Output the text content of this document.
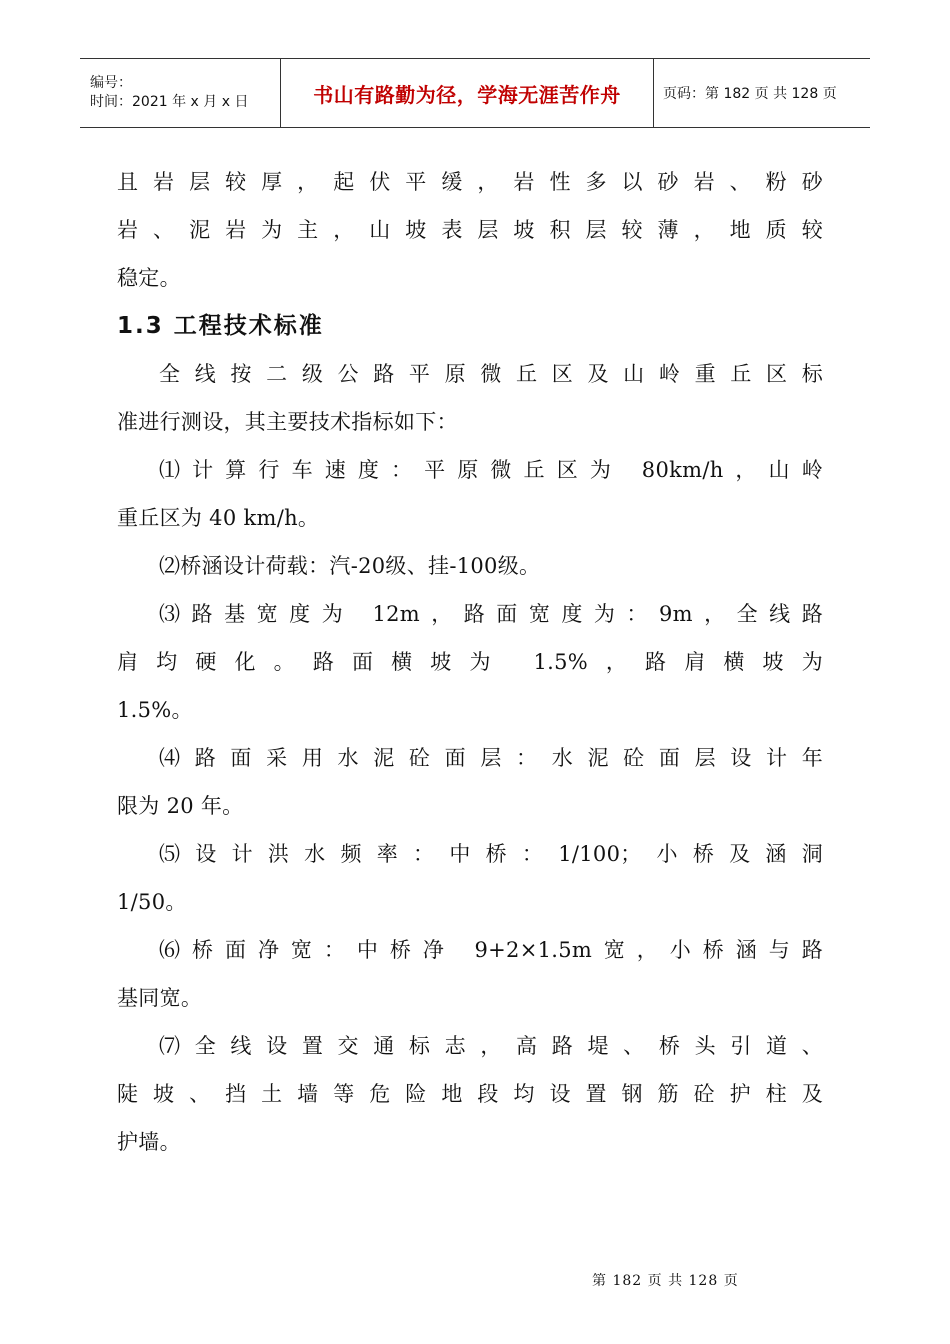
编号：
时间：2021 年 x 月 x 日	书山有路勤为径，学海无涯苦作舟	页码：第 182 页 共 128 页

且岩层较厚，起伏平缓，岩性多以砂岩、粉砂

岩、泥岩为主，山坡表层坡积层较薄，地质较

稳定。

1.3 工程技术标准

全线按二级公路平原微丘区及山岭重丘区标

准进行测设，其主要技术指标如下：

⑴计算行车速度：平原微丘区为 80km/h，山岭

重丘区为 40 km/h。

⑵桥涵设计荷载：汽-20级、挂-100级。

⑶路基宽度为 12m，路面宽度为：9m，全线路

肩均硬化。路面横坡为 1.5%，路肩横坡为

1.5%。

⑷路面采用水泥砼面层：水泥砼面层设计年

限为 20 年。

⑸设计洪水频率：中桥：1/100；小桥及涵洞

1/50。

⑹桥面净宽：中桥净 9+2×1.5m宽，小桥涵与路

基同宽。

⑺全线设置交通标志，高路堤、桥头引道、

陡坡、挡土墙等危险地段均设置钢筋砼护柱及

护墙。

第 182 页 共 128 页
